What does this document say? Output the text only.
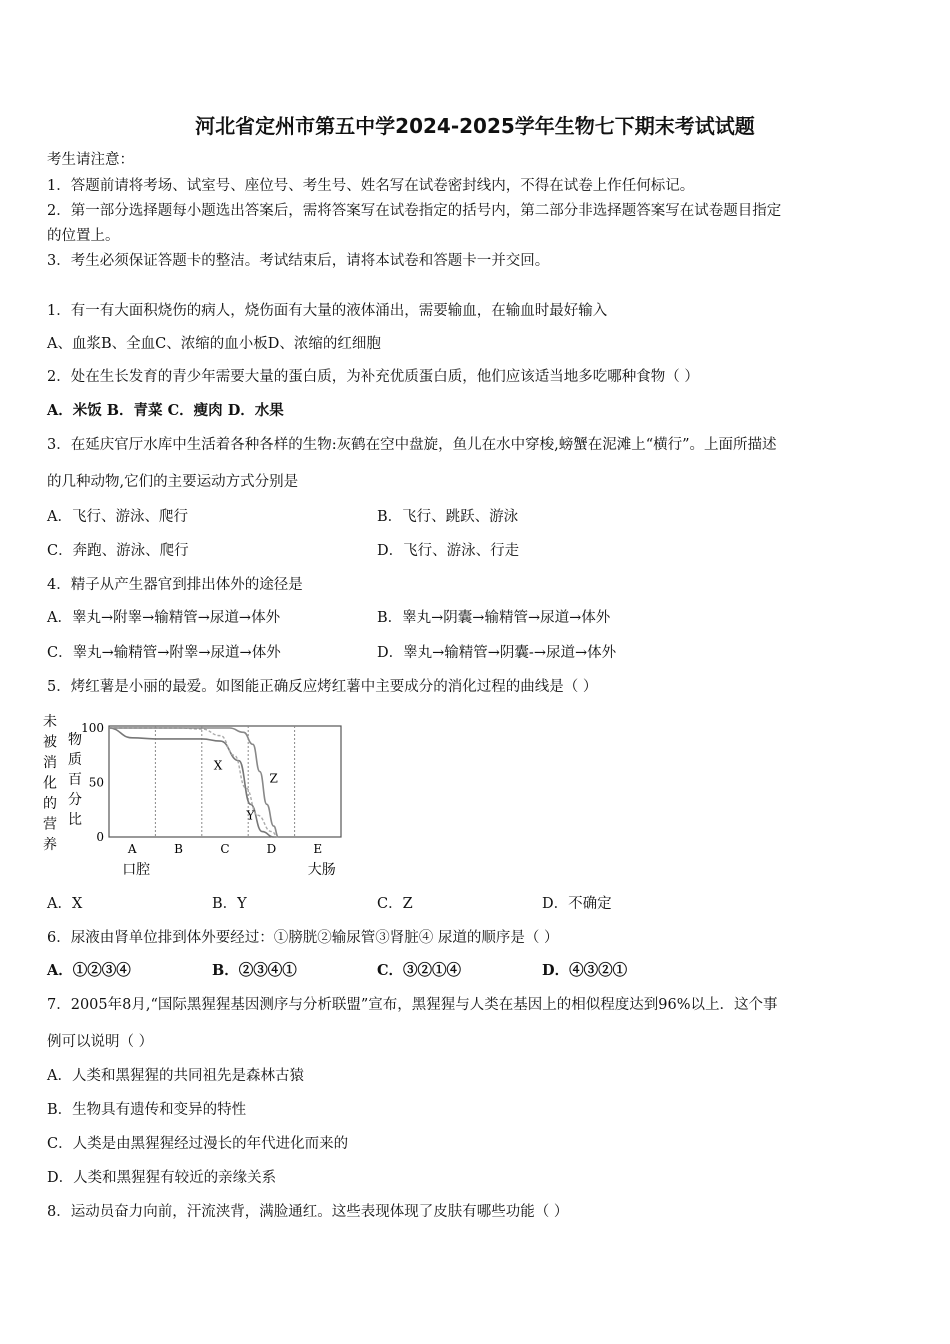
河北省定州市第五中学2024-2025学年生物七下期末考试试题
考生请注意：
1．答题前请将考场、试室号、座位号、考生号、姓名写在试卷密封线内，不得在试卷上作任何标记。
2．第一部分选择题每小题选出答案后，需将答案写在试卷指定的括号内，第二部分非选择题答案写在试卷题目指定
的位置上。
3．考生必须保证答题卡的整洁。考试结束后，请将本试卷和答题卡一并交回。
1．有一有大面积烧伤的病人，烧伤面有大量的液体涌出，需要输血，在输血时最好输入
A、血浆B、全血C、浓缩的血小板D、浓缩的红细胞
2．处在生长发育的青少年需要大量的蛋白质，为补充优质蛋白质，他们应该适当地多吃哪种食物（ ）
A．米饭 B．青菜 C．瘦肉 D．水果
3．在延庆官厅水库中生活着各种各样的生物:灰鹤在空中盘旋，鱼儿在水中穿梭,螃蟹在泥滩上“横行”。上面所描述
的几种动物,它们的主要运动方式分别是
A．飞行、游泳、爬行	B．飞行、跳跃、游泳
C．奔跑、游泳、爬行	D．飞行、游泳、行走
4．精子从产生器官到排出体外的途径是
A．睾丸→附睾→输精管→尿道→体外	B．睾丸→阴囊→输精管→尿道→体外
C．睾丸→输精管→附睾→尿道→体外	D．睾丸→输精管→阴囊-→尿道→体外
5．烤红薯是小丽的最爱。如图能正确反应烤红薯中主要成分的消化过程的曲线是（ ）
未
被
消
化
的
营
养
物
质
百
分
比
100
50
0
X
Y
Z
A
口腔
B	C	D	E
大肠
A．X	B．Y	C．Z	D．不确定
6．尿液由肾单位排到体外要经过：①膀胱②输尿管③肾脏④ 尿道的顺序是（ ）
A．①②③④	B．②③④①	C．③②①④	D．④③②①
7．2005年8月,“国际黑猩猩基因测序与分析联盟”宣布，黑猩猩与人类在基因上的相似程度达到96%以上．这个事
例可以说明（ ）
A．人类和黑猩猩的共同祖先是森林古猿
B．生物具有遗传和变异的特性
C．人类是由黑猩猩经过漫长的年代进化而来的
D．人类和黑猩猩有较近的亲缘关系
8．运动员奋力向前，汗流浃背，满脸通红。这些表现体现了皮肤有哪些功能（ ）
